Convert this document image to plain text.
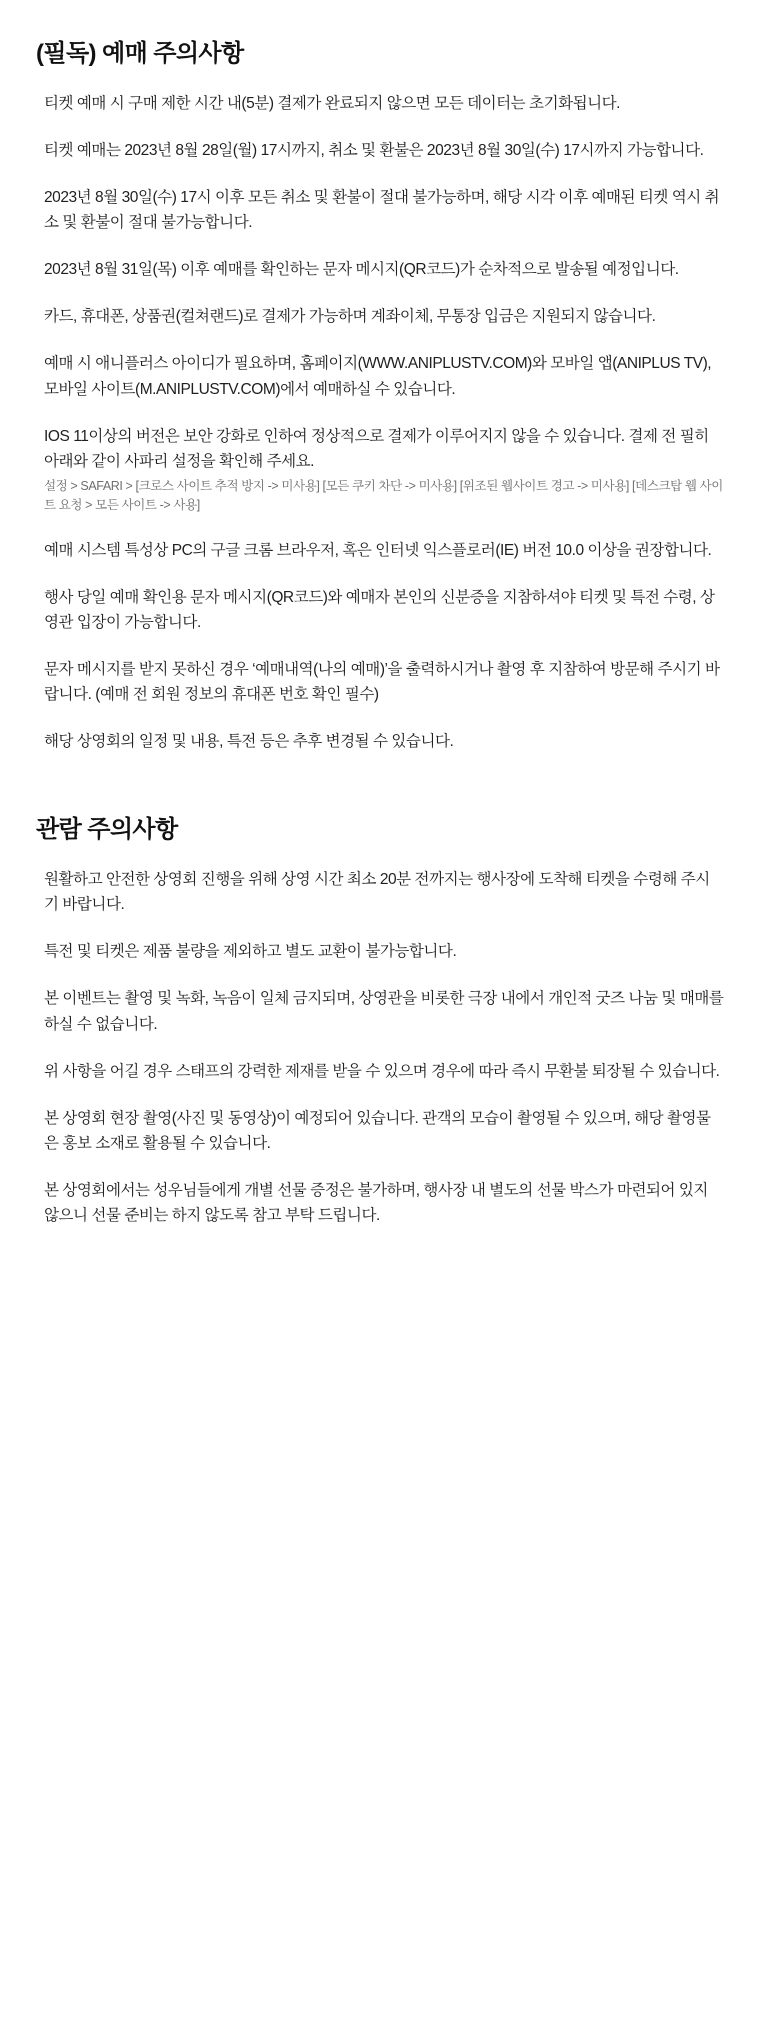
(필독) 예매 주의사항
티켓 예매 시 구매 제한 시간 내(5분) 결제가 완료되지 않으면 모든 데이터는 초기화됩니다.
티켓 예매는 2023년 8월 28일(월) 17시까지, 취소 및 환불은 2023년 8월 30일(수) 17시까지 가능합니다.
2023년 8월 30일(수) 17시 이후 모든 취소 및 환불이 절대 불가능하며, 해당 시각 이후 예매된 티켓 역시 취소 및 환불이 절대 불가능합니다.
2023년 8월 31일(목) 이후 예매를 확인하는 문자 메시지(QR코드)가 순차적으로 발송될 예정입니다.
카드, 휴대폰, 상품권(컬쳐랜드)로 결제가 가능하며 계좌이체, 무통장 입금은 지원되지 않습니다.
예매 시 애니플러스 아이디가 필요하며, 홈페이지(WWW.ANIPLUSTV.COM)와 모바일 앱(ANIPLUS TV), 모바일 사이트(M.ANIPLUSTV.COM)에서 예매하실 수 있습니다.
IOS 11이상의 버전은 보안 강화로 인하여 정상적으로 결제가 이루어지지 않을 수 있습니다. 결제 전 필히 아래와 같이 사파리 설정을 확인해 주세요.
설정 > SAFARI > [크로스 사이트 추적 방지 -> 미사용] [모든 쿠키 차단 -> 미사용] [위조된 웹사이트 경고 -> 미사용] [데스크탑 웹 사이트 요청 > 모든 사이트 -> 사용]
예매 시스템 특성상 PC의 구글 크롬 브라우저, 혹은 인터넷 익스플로러(IE) 버전 10.0 이상을 권장합니다.
행사 당일 예매 확인용 문자 메시지(QR코드)와 예매자 본인의 신분증을 지참하셔야 티켓 및 특전 수령, 상영관 입장이 가능합니다.
문자 메시지를 받지 못하신 경우 ‘예매내역(나의 예매)’을 출력하시거나 촬영 후 지참하여 방문해 주시기 바랍니다. (예매 전 회원 정보의 휴대폰 번호 확인 필수)
해당 상영회의 일정 및 내용, 특전 등은 추후 변경될 수 있습니다.
관람 주의사항
원활하고 안전한 상영회 진행을 위해 상영 시간 최소 20분 전까지는 행사장에 도착해 티켓을 수령해 주시기 바랍니다.
특전 및 티켓은 제품 불량을 제외하고 별도 교환이 불가능합니다.
본 이벤트는 촬영 및 녹화, 녹음이 일체 금지되며, 상영관을 비롯한 극장 내에서 개인적 굿즈 나눔 및 매매를 하실 수 없습니다.
위 사항을 어길 경우 스태프의 강력한 제재를 받을 수 있으며 경우에 따라 즉시 무환불 퇴장될 수 있습니다.
본 상영회 현장 촬영(사진 및 동영상)이 예정되어 있습니다. 관객의 모습이 촬영될 수 있으며, 해당 촬영물은 홍보 소재로 활용될 수 있습니다.
본 상영회에서는 성우님들에게 개별 선물 증정은 불가하며, 행사장 내 별도의 선물 박스가 마련되어 있지 않으니 선물 준비는 하지 않도록 참고 부탁 드립니다.
